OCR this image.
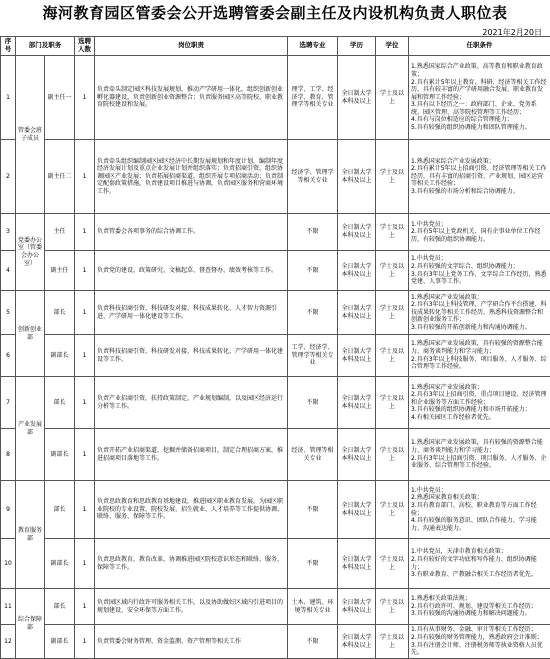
海河教育园区管委会公开选聘管委会副主任及内设机构负责人职位表
2021年2月20日
序号	部门及职务		选聘人数	岗位职责	选聘专业	学历	学位	任职条件
1	管委会班子成员	副主任一	1	负责牵头制定园区科技发展规划，推动产学研用一体化，组织创新创业孵化器建设，负责创新创业资源整合；负责服务园区高等院校、职业教育院校建设和发展。	理学、工学、经济学、教育、管理学等相关专业	全日制大学本科及以上	学士及以上	1.熟悉国家综合产业政策、高等教育和职业教育政策；
2.具有累计5年以上教育、科研、经济等相关工作经历，具有较丰富的产学研用融合发展、职业教育发展和管理工作经验；
3.具有以下经历之一：政府部门、企业、党务系统、园区管理、高等院校管理等工作经历；
4.具有与岗位相适应的综合管理能力；
5.具有较强的组织协调能力和团队管理能力。
2		副主任二	1	负责牵头组织编制园区园区经济中长期发展规划和年度计划，编制年度经济发展计划及重点企业发展计划并组织落实；负责招商引资，组织协调园区产业发展；负责拓展招商渠道，组织开展专项招商活动；负责制定配套政策措施，负责建设项目推进与协调，负责园区服务和营商环境工作。	经济学、管理学等相关专业	全日制大学本科及以上	学士及以上	1.熟悉国家综合产业发展政策；
2.具有累计5年以上招商引资、经济管理等相关工作经历，具有丰富的招商引资、产业规划、园区运营等相关工作经验；
3.具有较强的市场分析和综合协调能力。
3	党委办公室（管委会办公室）	主任	1	负责管委会各项事务的综合协调工作。	不限	全日制大学本科及以上	学士及以上	1.中共党员；
2.具有5年以上党政机关、国有企事业单位工作经历，有较强的组织协调能力。
4		副主任	1	负责党的建设、政策研究、文稿起草、督查督办、绩效考核等工作。	不限	全日制大学本科及以上	学士及以上	1.中共党员；
2.具有较强的文字综合、组织协调能力；
3.具有3年以上党务工作、文字综合工作经历，熟悉党建、人事等工作。
5	创新创业部	部长	1	负责科技招商引资、科技研发对接、科技成果转化、人才智力资源引进、产学研用一体化建设等工作。	不限	全日制大学本科及以上	学士及以上	1.熟悉国家产业发展政策；
2.具有3年以上科技管理、产学研合作平台搭建、科技成果转化等相关工作经历，熟悉科技资源整合和创新创业服务工作；
3.具有较强的开拓创新能力和沟通协调能力。
6		副部长	1	负责科技招商引资、科技研发对接、科技成果转化、产学研用一体化建设等工作。	工学、经济学、管理学等相关专业	全日制大学本科及以上	学士及以上	1.熟悉国家产业发展政策，具有较强的资源整合能力、商务谈判能力和学习能力；
2.具有3年以上科技服务、项目服务、人才服务、综合管理等工作经验。
7	产业发展部	部长	1	负责产业招商引资，扶持政策制定，产业规划编制，以及园区经济运行分析等工作。	不限	全日制大学本科及以上	学士及以上	1.熟悉国家产业发展政策；
2.具有3年以上招商引资、重点项目建设、经济管理和企业服务等方面工作经验；
3.具有较强的组织协调能力和市场开拓能力；
4.有相关园区工作经验者优先。
8		副部长	1	负责开拓产业招商渠道，挖掘并储备招商项目，制定合理招商方案，推进招商项目落地等工作。	经济、管理等相关专业	全日制大学本科及以上	学士及以上	1.熟悉国家产业发展政策，具有较强的资源整合能力、商务谈判能力和学习能力；
2.具有3年以上招商引资、项目服务、人才服务、企业服务、综合管理等工作经验。
9	教育服务部	部长	1	负责思政教育和思政教育基地建设，推进园区职业教育发展，为园区职业院校的专业设置、院校发展、招生就业、人才培养等工作提供协调、联络、服务、保障等工作。	不限	全日制大学本科及以上	学士及以上	1.中共党员；
2.熟悉国家教育相关政策；
3.具有教育部门、高校、职业教育等方面工作经验；
4.具有较强的服务意识、团队合作能力、学习能力、沟通表达能力。
10		副部长	1	负责思政教育，教育改革，协调推进园区院校意识形态和联络、服务、保障等工作。	不限	全日制大学本科及以上	学士及以上	1.中共党员，天津市教育相关政策；
2.具有较好的文字功底和写作能力、组织协调能力；
3.有职业教育、产教融合相关工作经历者优先。
11	综合保障部	部长	1	负责园区域内行政许可服务相关工作，以及协助做好区域内引进项目的规划建设、安全环保等方面工作。	土木、建筑、环境等相关专业	全日制大学本科及以上	学士及以上	1.熟悉相关政策法规；
2.具有行政许可、规划、建设等相关工作经历；
3.具有较强的沟通协调能力和解决问题能力。
12		副部长	1	负责管委会财务管理、资金监测、资产管理等相关工作	不限	全日制大学本科及以上	学士及以上	1.具有从事财务、金融、审计等相关工作经历；
2.具有较强的财务管理能力，熟悉政府会计准则；
3.具有注册会计师、注册税务师等执业资格人员优先。
